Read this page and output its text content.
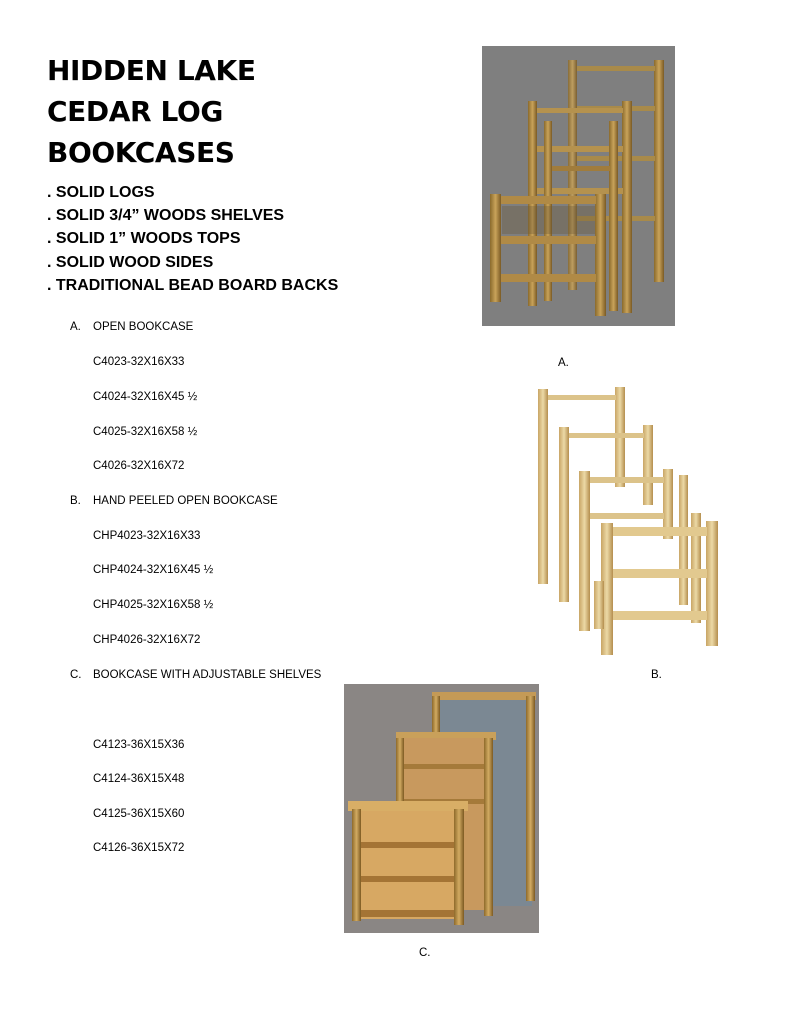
HIDDEN LAKE
CEDAR LOG
BOOKCASES
. SOLID LOGS
. SOLID 3/4” WOODS SHELVES
. SOLID 1” WOODS TOPS
. SOLID WOOD SIDES
. TRADITIONAL BEAD BOARD BACKS
A. OPEN BOOKCASE
C4023-32X16X33
C4024-32X16X45 ½
C4025-32X16X58 ½
C4026-32X16X72
A.
B. HAND PEELED OPEN BOOKCASE
CHP4023-32X16X33
CHP4024-32X16X45 ½
CHP4025-32X16X58 ½
CHP4026-32X16X72
B.
C. BOOKCASE WITH ADJUSTABLE SHELVES
C4123-36X15X36
C4124-36X15X48
C4125-36X15X60
C4126-36X15X72
C.
